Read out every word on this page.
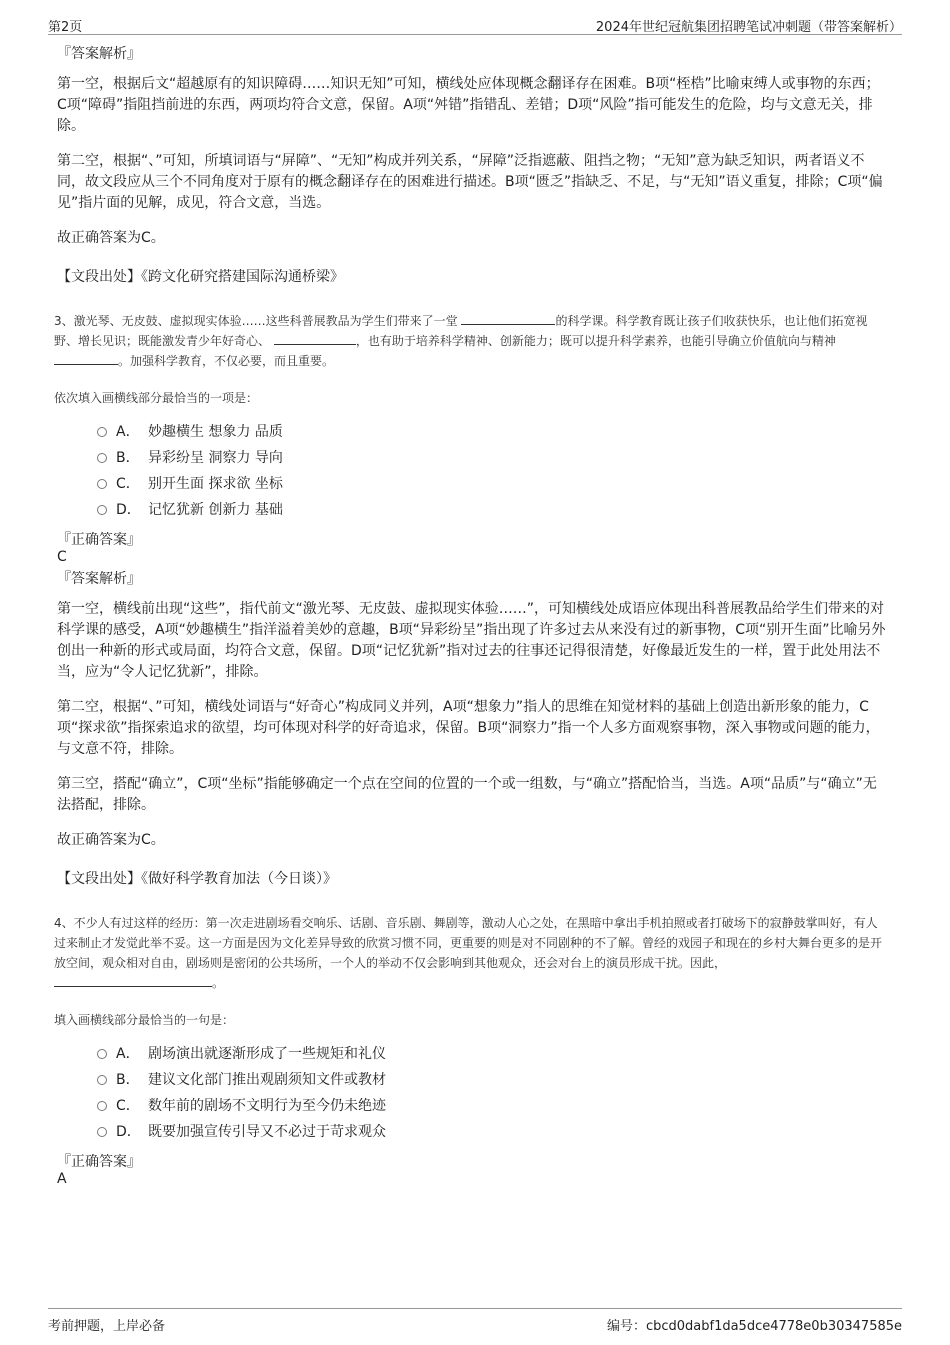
第2页	2024年世纪冠航集团招聘笔试冲刺题（带答案解析）

『答案解析』

第一空，根据后文“超越原有的知识障碍……知识无知”可知，横线处应体现概念翻译存在困难。B项“桎梏”比喻束缚人或事物的东西；C项“障碍”指阻挡前进的东西，两项均符合文意，保留。A项“舛错”指错乱、差错；D项“风险”指可能发生的危险，均与文意无关，排除。

第二空，根据“、”可知，所填词语与“屏障”、“无知”构成并列关系，“屏障”泛指遮蔽、阻挡之物；“无知”意为缺乏知识，两者语义不同，故文段应从三个不同角度对于原有的概念翻译存在的困难进行描述。B项“匮乏”指缺乏、不足，与“无知”语义重复，排除；C项“偏见”指片面的见解，成见，符合文意，当选。

故正确答案为C。

【文段出处】《跨文化研究搭建国际沟通桥梁》

3、激光琴、无皮鼓、虚拟现实体验……这些科普展教品为学生们带来了一堂	的科学课。科学教育既让孩子们收获快乐，也让他们拓宽视野、增长见识；既能激发青少年好奇心、	，也有助于培养科学精神、创新能力；既可以提升科学素养，也能引导确立价值航向与精神 。加强科学教育，不仅必要，而且重要。

依次填入画横线部分最恰当的一项是：

A． 妙趣横生 想象力 品质
B． 异彩纷呈 洞察力 导向
C． 别开生面 探求欲 坐标
D． 记忆犹新 创新力 基础

『正确答案』

C

『答案解析』

第一空，横线前出现“这些”，指代前文“激光琴、无皮鼓、虚拟现实体验……”，可知横线处成语应体现出科普展教品给学生们带来的对科学课的感受，A项“妙趣横生”指洋溢着美妙的意趣，B项“异彩纷呈”指出现了许多过去从来没有过的新事物，C项“别开生面”比喻另外创出一种新的形式或局面，均符合文意，保留。D项“记忆犹新”指对过去的往事还记得很清楚，好像最近发生的一样，置于此处用法不当，应为“令人记忆犹新”，排除。

第二空，根据“、”可知，横线处词语与“好奇心”构成同义并列，A项“想象力”指人的思维在知觉材料的基础上创造出新形象的能力，C项“探求欲”指探索追求的欲望，均可体现对科学的好奇追求，保留。B项“洞察力”指一个人多方面观察事物，深入事物或问题的能力，与文意不符，排除。

第三空，搭配“确立”，C项“坐标”指能够确定一个点在空间的位置的一个或一组数，与“确立”搭配恰当，当选。A项“品质”与“确立”无法搭配，排除。

故正确答案为C。

【文段出处】《做好科学教育加法（今日谈）》

4、不少人有过这样的经历：第一次走进剧场看交响乐、话剧、音乐剧、舞剧等，激动人心之处，在黑暗中拿出手机拍照或者打破场下的寂静鼓掌叫好，有人过来制止才发觉此举不妥。这一方面是因为文化差异导致的欣赏习惯不同，更重要的则是对不同剧种的不了解。曾经的戏园子和现在的乡村大舞台更多的是开放空间，观众相对自由，剧场则是密闭的公共场所，一个人的举动不仅会影响到其他观众，还会对台上的演员形成干扰。因此， 。

填入画横线部分最恰当的一句是：

A． 剧场演出就逐渐形成了一些规矩和礼仪
B． 建议文化部门推出观剧须知文件或教材
C． 数年前的剧场不文明行为至今仍未绝迹
D． 既要加强宣传引导又不必过于苛求观众

『正确答案』

A

考前押题，上岸必备	编号：cbcd0dabf1da5dce4778e0b30347585e
